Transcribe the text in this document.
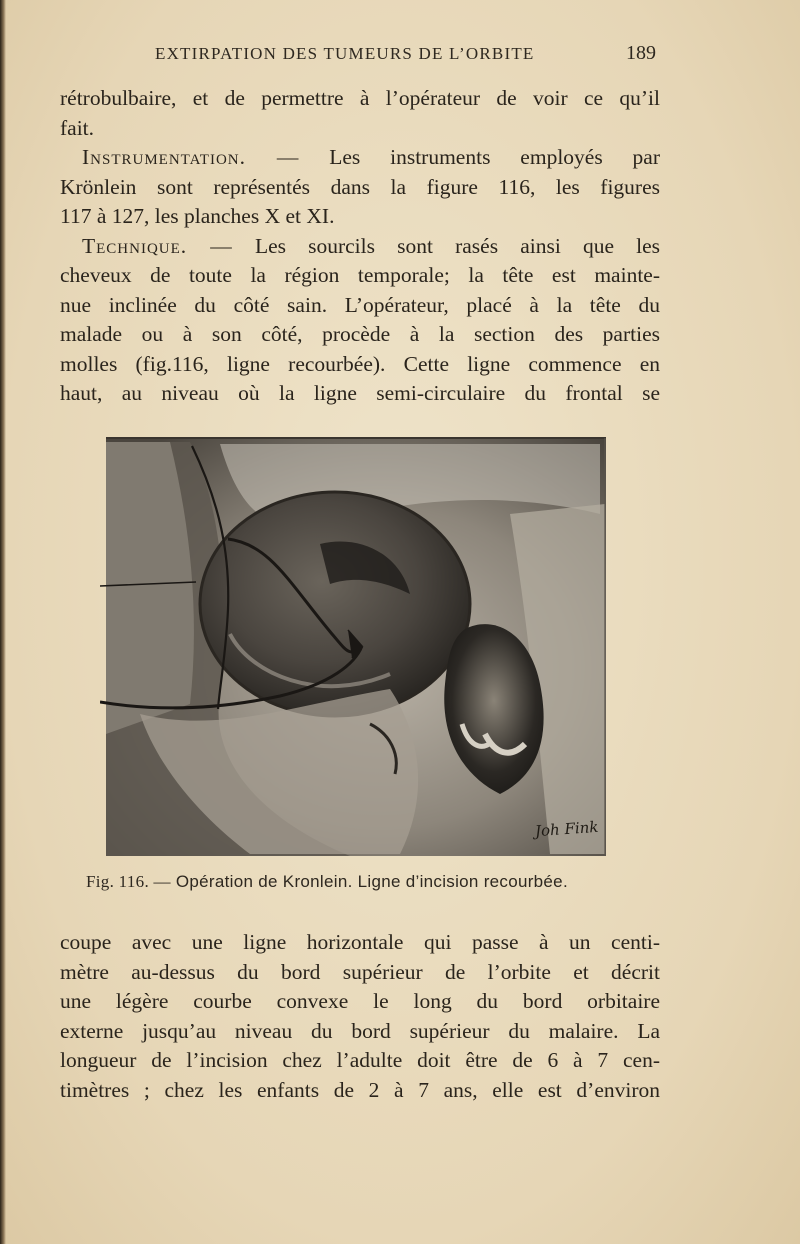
EXTIRPATION DES TUMEURS DE L’ORBITE	189
rétrobulbaire, et de permettre à l’opérateur de voir ce qu’il
fait.
Instrumentation. — Les instruments employés par
Krönlein sont représentés dans la figure 116, les figures
117 à 127, les planches X et XI.
Technique. — Les sourcils sont rasés ainsi que les
cheveux de toute la région temporale; la tête est mainte-
nue inclinée du côté sain. L’opérateur, placé à la tête du
malade ou à son côté, procède à la section des parties
molles (fig.116, ligne recourbée). Cette ligne commence en
haut, au niveau où la ligne semi-circulaire du frontal se
Joh Fink
Fig. 116. — Opération de Kronlein. Ligne d’incision recourbée.
coupe avec une ligne horizontale qui passe à un centi-
mètre au-dessus du bord supérieur de l’orbite et décrit
une légère courbe convexe le long du bord orbitaire
externe jusqu’au niveau du bord supérieur du malaire. La
longueur de l’incision chez l’adulte doit être de 6 à 7 cen-
timètres ; chez les enfants de 2 à 7 ans, elle est d’environ
